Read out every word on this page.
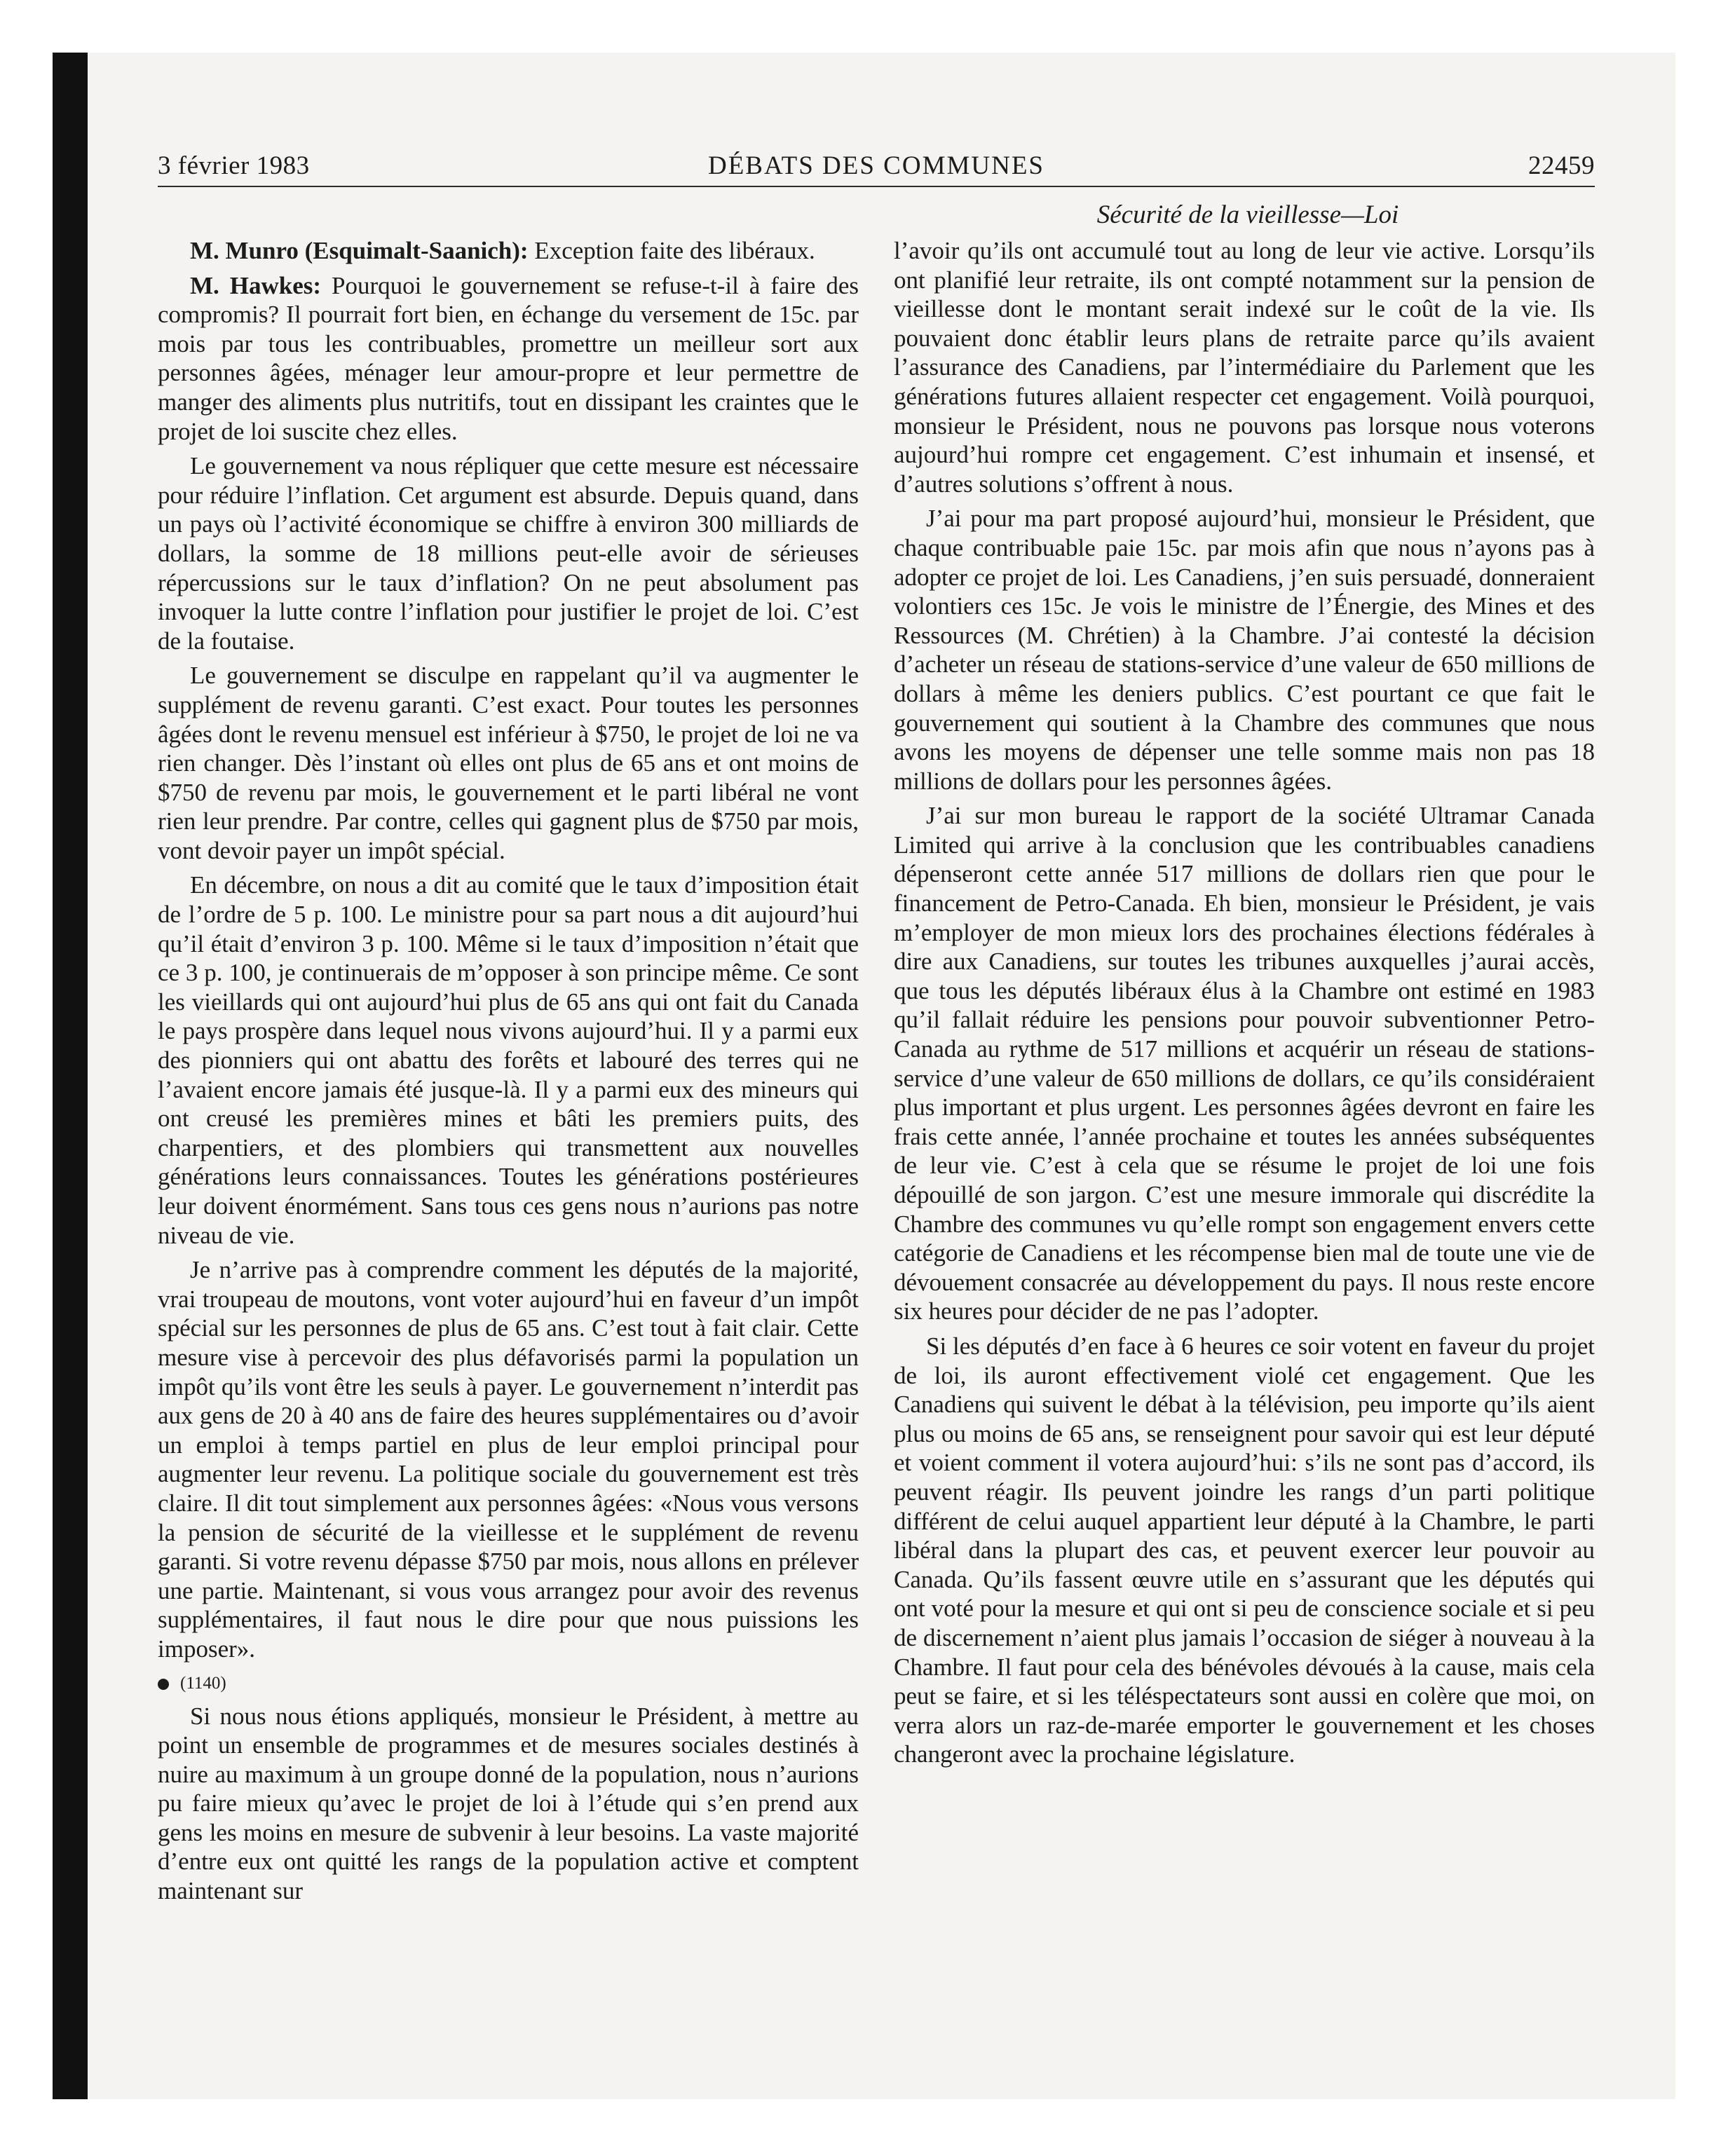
3 février 1983	DÉBATS DES COMMUNES	22459
Sécurité de la vieillesse—Loi

M. Munro (Esquimalt-Saanich): Exception faite des libéraux.

M. Hawkes: Pourquoi le gouvernement se refuse-t-il à faire des compromis? Il pourrait fort bien, en échange du versement de 15c. par mois par tous les contribuables, promettre un meilleur sort aux personnes âgées, ménager leur amour-propre et leur permettre de manger des aliments plus nutritifs, tout en dissipant les craintes que le projet de loi suscite chez elles.

Le gouvernement va nous répliquer que cette mesure est nécessaire pour réduire l’inflation. Cet argument est absurde. Depuis quand, dans un pays où l’activité économique se chiffre à environ 300 milliards de dollars, la somme de 18 millions peut-elle avoir de sérieuses répercussions sur le taux d’inflation? On ne peut absolument pas invoquer la lutte contre l’inflation pour justifier le projet de loi. C’est de la foutaise.

Le gouvernement se disculpe en rappelant qu’il va augmenter le supplément de revenu garanti. C’est exact. Pour toutes les personnes âgées dont le revenu mensuel est inférieur à $750, le projet de loi ne va rien changer. Dès l’instant où elles ont plus de 65 ans et ont moins de $750 de revenu par mois, le gouvernement et le parti libéral ne vont rien leur prendre. Par contre, celles qui gagnent plus de $750 par mois, vont devoir payer un impôt spécial.

En décembre, on nous a dit au comité que le taux d’imposition était de l’ordre de 5 p. 100. Le ministre pour sa part nous a dit aujourd’hui qu’il était d’environ 3 p. 100. Même si le taux d’imposition n’était que ce 3 p. 100, je continuerais de m’opposer à son principe même. Ce sont les vieillards qui ont aujourd’hui plus de 65 ans qui ont fait du Canada le pays prospère dans lequel nous vivons aujourd’hui. Il y a parmi eux des pionniers qui ont abattu des forêts et labouré des terres qui ne l’avaient encore jamais été jusque-là. Il y a parmi eux des mineurs qui ont creusé les premières mines et bâti les premiers puits, des charpentiers, et des plombiers qui transmettent aux nouvelles générations leurs connaissances. Toutes les générations postérieures leur doivent énormément. Sans tous ces gens nous n’aurions pas notre niveau de vie.

Je n’arrive pas à comprendre comment les députés de la majorité, vrai troupeau de moutons, vont voter aujourd’hui en faveur d’un impôt spécial sur les personnes de plus de 65 ans. C’est tout à fait clair. Cette mesure vise à percevoir des plus défavorisés parmi la population un impôt qu’ils vont être les seuls à payer. Le gouvernement n’interdit pas aux gens de 20 à 40 ans de faire des heures supplémentaires ou d’avoir un emploi à temps partiel en plus de leur emploi principal pour augmenter leur revenu. La politique sociale du gouvernement est très claire. Il dit tout simplement aux personnes âgées: «Nous vous versons la pension de sécurité de la vieillesse et le supplément de revenu garanti. Si votre revenu dépasse $750 par mois, nous allons en prélever une partie. Maintenant, si vous vous arrangez pour avoir des revenus supplémentaires, il faut nous le dire pour que nous puissions les imposer».

(1140)

Si nous nous étions appliqués, monsieur le Président, à mettre au point un ensemble de programmes et de mesures sociales destinés à nuire au maximum à un groupe donné de la population, nous n’aurions pu faire mieux qu’avec le projet de loi à l’étude qui s’en prend aux gens les moins en mesure de subvenir à leur besoins. La vaste majorité d’entre eux ont quitté les rangs de la population active et comptent maintenant sur

l’avoir qu’ils ont accumulé tout au long de leur vie active. Lorsqu’ils ont planifié leur retraite, ils ont compté notamment sur la pension de vieillesse dont le montant serait indexé sur le coût de la vie. Ils pouvaient donc établir leurs plans de retraite parce qu’ils avaient l’assurance des Canadiens, par l’intermédiaire du Parlement que les générations futures allaient respecter cet engagement. Voilà pourquoi, monsieur le Président, nous ne pouvons pas lorsque nous voterons aujourd’hui rompre cet engagement. C’est inhumain et insensé, et d’autres solutions s’offrent à nous.

J’ai pour ma part proposé aujourd’hui, monsieur le Président, que chaque contribuable paie 15c. par mois afin que nous n’ayons pas à adopter ce projet de loi. Les Canadiens, j’en suis persuadé, donneraient volontiers ces 15c. Je vois le ministre de l’Énergie, des Mines et des Ressources (M. Chrétien) à la Chambre. J’ai contesté la décision d’acheter un réseau de stations-service d’une valeur de 650 millions de dollars à même les deniers publics. C’est pourtant ce que fait le gouvernement qui soutient à la Chambre des communes que nous avons les moyens de dépenser une telle somme mais non pas 18 millions de dollars pour les personnes âgées.

J’ai sur mon bureau le rapport de la société Ultramar Canada Limited qui arrive à la conclusion que les contribuables canadiens dépenseront cette année 517 millions de dollars rien que pour le financement de Petro-Canada. Eh bien, monsieur le Président, je vais m’employer de mon mieux lors des prochaines élections fédérales à dire aux Canadiens, sur toutes les tribunes auxquelles j’aurai accès, que tous les députés libéraux élus à la Chambre ont estimé en 1983 qu’il fallait réduire les pensions pour pouvoir subventionner Petro-Canada au rythme de 517 millions et acquérir un réseau de stations-service d’une valeur de 650 millions de dollars, ce qu’ils considéraient plus important et plus urgent. Les personnes âgées devront en faire les frais cette année, l’année prochaine et toutes les années subséquentes de leur vie. C’est à cela que se résume le projet de loi une fois dépouillé de son jargon. C’est une mesure immorale qui discrédite la Chambre des communes vu qu’elle rompt son engagement envers cette catégorie de Canadiens et les récompense bien mal de toute une vie de dévouement consacrée au développement du pays. Il nous reste encore six heures pour décider de ne pas l’adopter.

Si les députés d’en face à 6 heures ce soir votent en faveur du projet de loi, ils auront effectivement violé cet engagement. Que les Canadiens qui suivent le débat à la télévision, peu importe qu’ils aient plus ou moins de 65 ans, se renseignent pour savoir qui est leur député et voient comment il votera aujourd’hui: s’ils ne sont pas d’accord, ils peuvent réagir. Ils peuvent joindre les rangs d’un parti politique différent de celui auquel appartient leur député à la Chambre, le parti libéral dans la plupart des cas, et peuvent exercer leur pouvoir au Canada. Qu’ils fassent œuvre utile en s’assurant que les députés qui ont voté pour la mesure et qui ont si peu de conscience sociale et si peu de discernement n’aient plus jamais l’occasion de siéger à nouveau à la Chambre. Il faut pour cela des bénévoles dévoués à la cause, mais cela peut se faire, et si les téléspectateurs sont aussi en colère que moi, on verra alors un raz-de-marée emporter le gouvernement et les choses changeront avec la prochaine législature.
